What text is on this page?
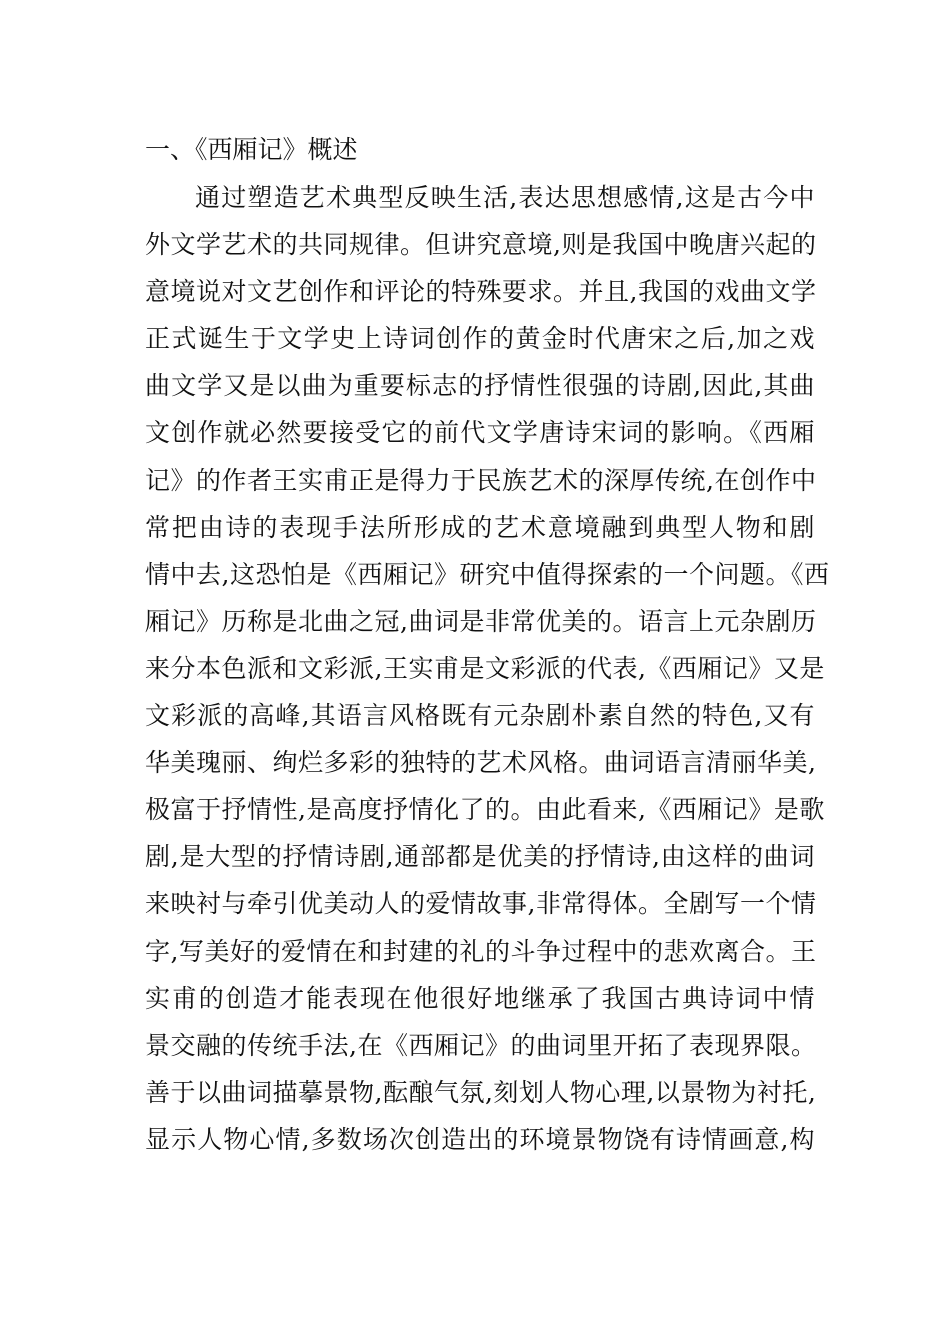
一、《西厢记》概述
通过塑造艺术典型反映生活,表达思想感情,这是古今中
外文学艺术的共同规律。但讲究意境,则是我国中晚唐兴起的
意境说对文艺创作和评论的特殊要求。并且,我国的戏曲文学
正式诞生于文学史上诗词创作的黄金时代唐宋之后,加之戏
曲文学又是以曲为重要标志的抒情性很强的诗剧,因此,其曲
文创作就必然要接受它的前代文学唐诗宋词的影响。《西厢
记》的作者王实甫正是得力于民族艺术的深厚传统,在创作中
常把由诗的表现手法所形成的艺术意境融到典型人物和剧
情中去,这恐怕是《西厢记》研究中值得探索的一个问题。《西
厢记》历称是北曲之冠,曲词是非常优美的。语言上元杂剧历
来分本色派和文彩派,王实甫是文彩派的代表,《西厢记》又是
文彩派的高峰,其语言风格既有元杂剧朴素自然的特色,又有
华美瑰丽、绚烂多彩的独特的艺术风格。曲词语言清丽华美,
极富于抒情性,是高度抒情化了的。由此看来,《西厢记》是歌
剧,是大型的抒情诗剧,通部都是优美的抒情诗,由这样的曲词
来映衬与牵引优美动人的爱情故事,非常得体。全剧写一个情
字,写美好的爱情在和封建的礼的斗争过程中的悲欢离合。王
实甫的创造才能表现在他很好地继承了我国古典诗词中情
景交融的传统手法,在《西厢记》的曲词里开拓了表现界限。
善于以曲词描摹景物,酝酿气氛,刻划人物心理,以景物为衬托,
显示人物心情,多数场次创造出的环境景物饶有诗情画意,构
